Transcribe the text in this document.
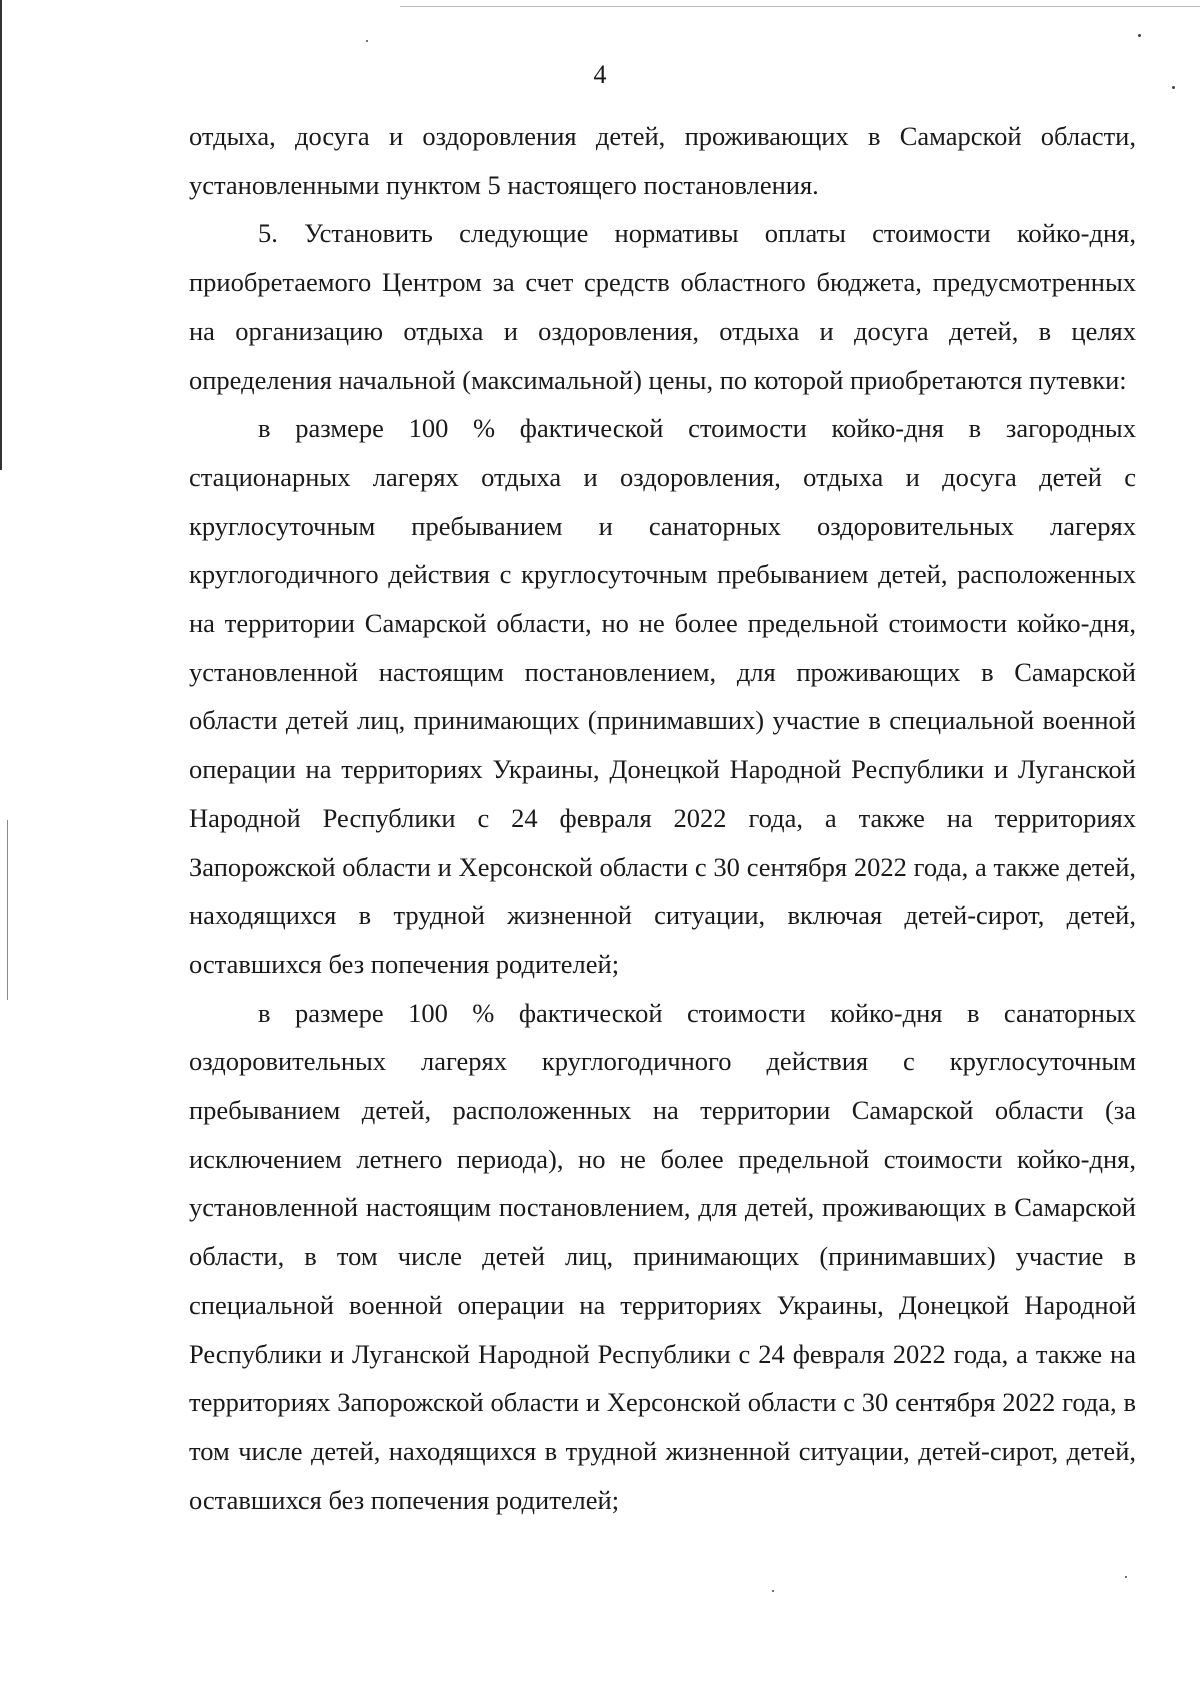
4

отдыха, досуга и оздоровления детей, проживающих в Самарской области, установленными пунктом 5 настоящего постановления.

5. Установить следующие нормативы оплаты стоимости койко-дня, приобретаемого Центром за счет средств областного бюджета, предусмотренных на организацию отдыха и оздоровления, отдыха и досуга детей, в целях определения начальной (максимальной) цены, по которой приобретаются путевки:

в размере 100 % фактической стоимости койко-дня в загородных стационарных лагерях отдыха и оздоровления, отдыха и досуга детей с круглосуточным пребыванием и санаторных оздоровительных лагерях круглогодичного действия с круглосуточным пребыванием детей, расположенных на территории Самарской области, но не более предельной стоимости койко-дня, установленной настоящим постановлением, для проживающих в Самарской области детей лиц, принимающих (принимавших) участие в специальной военной операции на территориях Украины, Донецкой Народной Республики и Луганской Народной Республики с 24 февраля 2022 года, а также на территориях Запорожской области и Херсонской области с 30 сентября 2022 года, а также детей, находящихся в трудной жизненной ситуации, включая детей-сирот, детей, оставшихся без попечения родителей;

в размере 100 % фактической стоимости койко-дня в санаторных оздоровительных лагерях круглогодичного действия с круглосуточным пребыванием детей, расположенных на территории Самарской области (за исключением летнего периода), но не более предельной стоимости койко-дня, установленной настоящим постановлением, для детей, проживающих в Самарской области, в том числе детей лиц, принимающих (принимавших) участие в специальной военной операции на территориях Украины, Донецкой Народной Республики и Луганской Народной Республики с 24 февраля 2022 года, а также на территориях Запорожской области и Херсонской области с 30 сентября 2022 года, в том числе детей, находящихся в трудной жизненной ситуации, детей-сирот, детей, оставшихся без попечения родителей;
